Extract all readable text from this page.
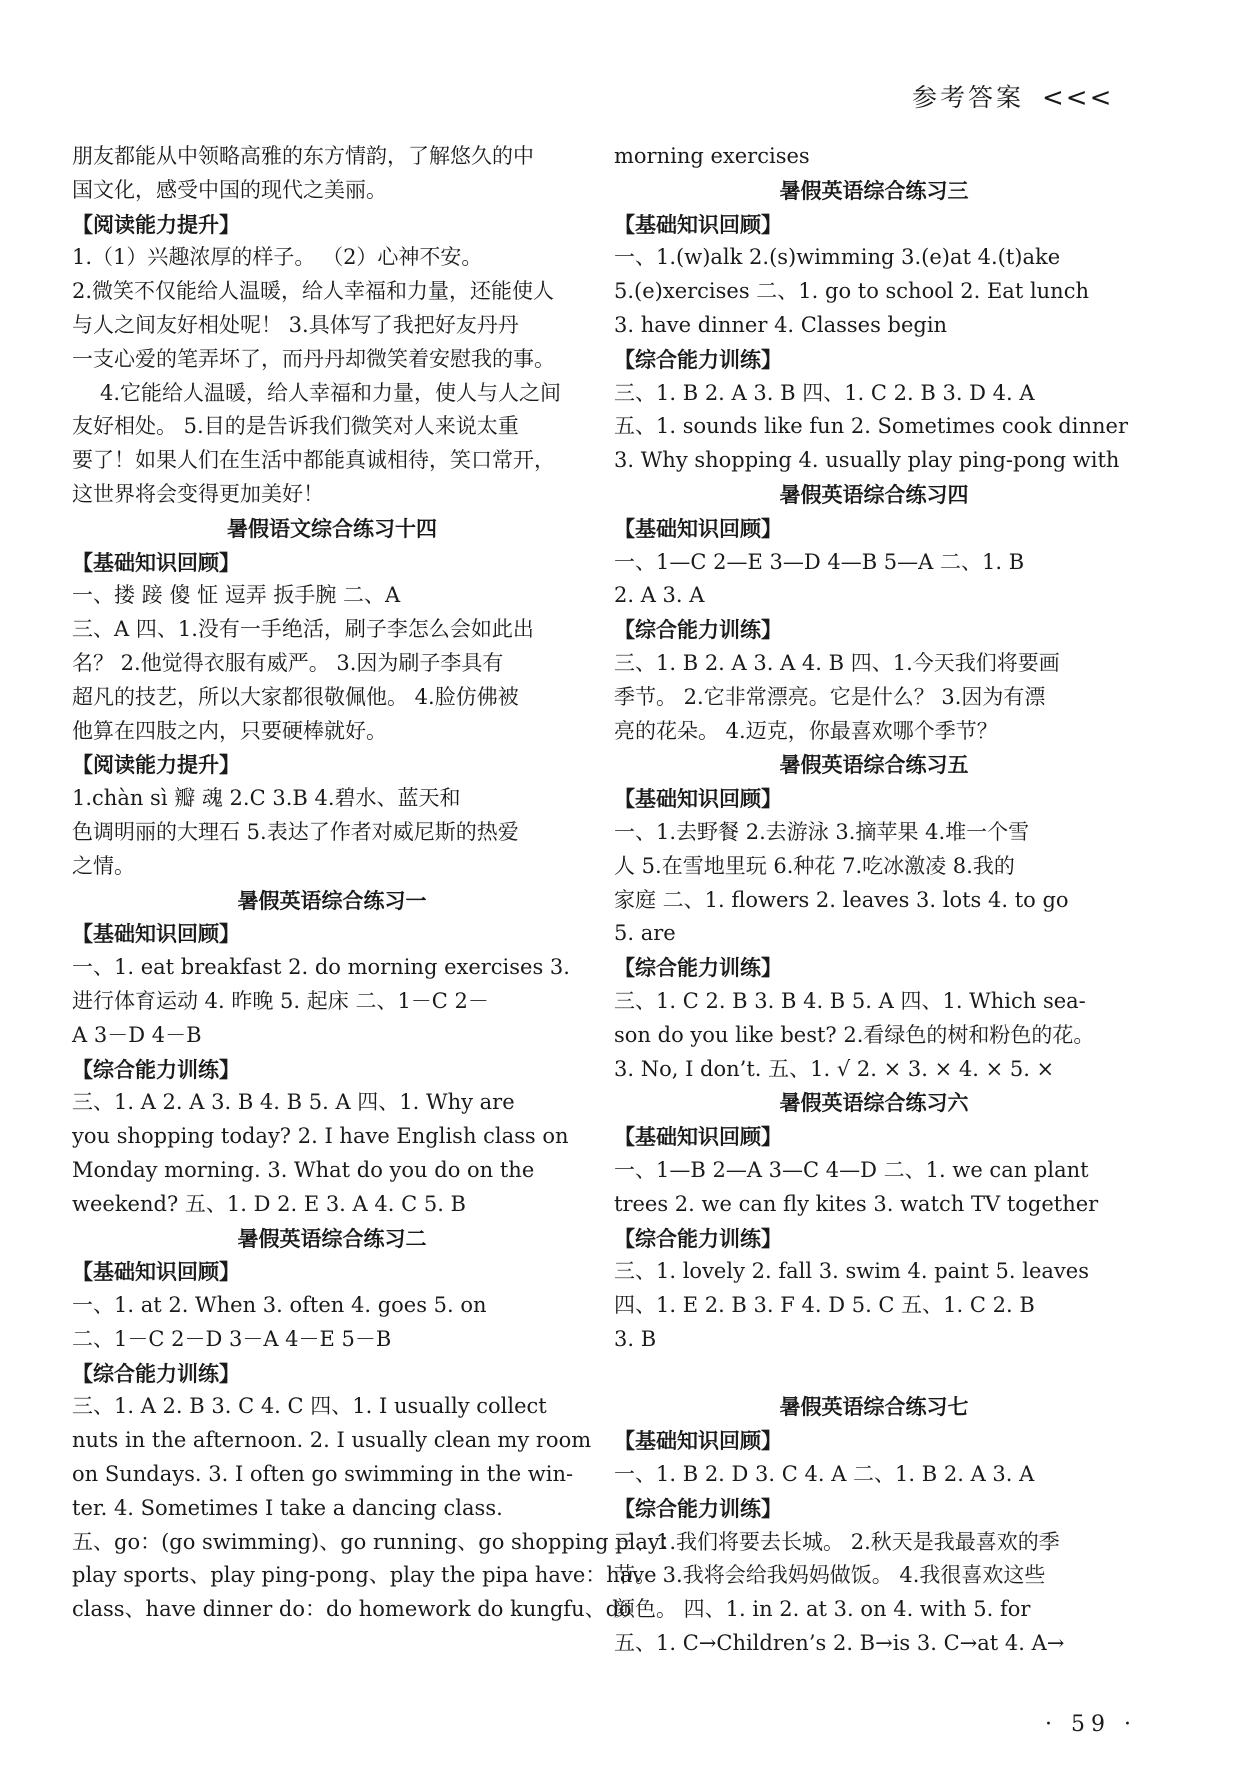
参考答案 <<<
朋友都能从中领略高雅的东方情韵，了解悠久的中
国文化，感受中国的现代之美丽。
【阅读能力提升】
1.（1）兴趣浓厚的样子。 （2）心神不安。
2.微笑不仅能给人温暖，给人幸福和力量，还能使人
与人之间友好相处呢！ 3.具体写了我把好友丹丹
一支心爱的笔弄坏了，而丹丹却微笑着安慰我的事。
4.它能给人温暖，给人幸福和力量，使人与人之间
友好相处。 5.目的是告诉我们微笑对人来说太重
要了！如果人们在生活中都能真诚相待，笑口常开，
这世界将会变得更加美好！
暑假语文综合练习十四
【基础知识回顾】
一、搂 踥 傻 怔 逗弄 扳手腕 二、A
三、A 四、1.没有一手绝活，刷子李怎么会如此出
名？ 2.他觉得衣服有威严。 3.因为刷子李具有
超凡的技艺，所以大家都很敬佩他。 4.脸仿佛被
他算在四肢之内，只要硬棒就好。
【阅读能力提升】
1.chàn sì 瓣 魂 2.C 3.B 4.碧水、蓝天和
色调明丽的大理石 5.表达了作者对威尼斯的热爱
之情。
暑假英语综合练习一
【基础知识回顾】
一、1. eat breakfast 2. do morning exercises 3.
进行体育运动 4. 昨晚 5. 起床 二、1－C 2－
A 3－D 4－B
【综合能力训练】
三、1. A 2. A 3. B 4. B 5. A 四、1. Why are
you shopping today? 2. I have English class on
Monday morning. 3. What do you do on the
weekend? 五、1. D 2. E 3. A 4. C 5. B
暑假英语综合练习二
【基础知识回顾】
一、1. at 2. When 3. often 4. goes 5. on
二、1－C 2－D 3－A 4－E 5－B
【综合能力训练】
三、1. A 2. B 3. C 4. C 四、1. I usually collect
nuts in the afternoon. 2. I usually clean my room
on Sundays. 3. I often go swimming in the win-
ter. 4. Sometimes I take a dancing class.
五、go：(go swimming)、go running、go shopping play：
play sports、play ping-pong、play the pipa have：have
class、have dinner do：do homework do kungfu、do
morning exercises
暑假英语综合练习三
【基础知识回顾】
一、1.(w)alk 2.(s)wimming 3.(e)at 4.(t)ake
5.(e)xercises 二、1. go to school 2. Eat lunch
3. have dinner 4. Classes begin
【综合能力训练】
三、1. B 2. A 3. B 四、1. C 2. B 3. D 4. A
五、1. sounds like fun 2. Sometimes cook dinner
3. Why shopping 4. usually play ping-pong with
暑假英语综合练习四
【基础知识回顾】
一、1—C 2—E 3—D 4—B 5—A 二、1. B
2. A 3. A
【综合能力训练】
三、1. B 2. A 3. A 4. B 四、1.今天我们将要画
季节。 2.它非常漂亮。它是什么？ 3.因为有漂
亮的花朵。 4.迈克，你最喜欢哪个季节？
暑假英语综合练习五
【基础知识回顾】
一、1.去野餐 2.去游泳 3.摘苹果 4.堆一个雪
人 5.在雪地里玩 6.种花 7.吃冰激凌 8.我的
家庭 二、1. flowers 2. leaves 3. lots 4. to go
5. are
【综合能力训练】
三、1. C 2. B 3. B 4. B 5. A 四、1. Which sea-
son do you like best? 2.看绿色的树和粉色的花。
3. No, I don’t. 五、1. √ 2. × 3. × 4. × 5. ×
暑假英语综合练习六
【基础知识回顾】
一、1—B 2—A 3—C 4—D 二、1. we can plant
trees 2. we can fly kites 3. watch TV together
【综合能力训练】
三、1. lovely 2. fall 3. swim 4. paint 5. leaves
四、1. E 2. B 3. F 4. D 5. C 五、1. C 2. B
3. B
暑假英语综合练习七
【基础知识回顾】
一、1. B 2. D 3. C 4. A 二、1. B 2. A 3. A
【综合能力训练】
三、1.我们将要去长城。 2.秋天是我最喜欢的季
节。 3.我将会给我妈妈做饭。 4.我很喜欢这些
颜色。 四、1. in 2. at 3. on 4. with 5. for
五、1. C→Children’s 2. B→is 3. C→at 4. A→
· 59 ·
